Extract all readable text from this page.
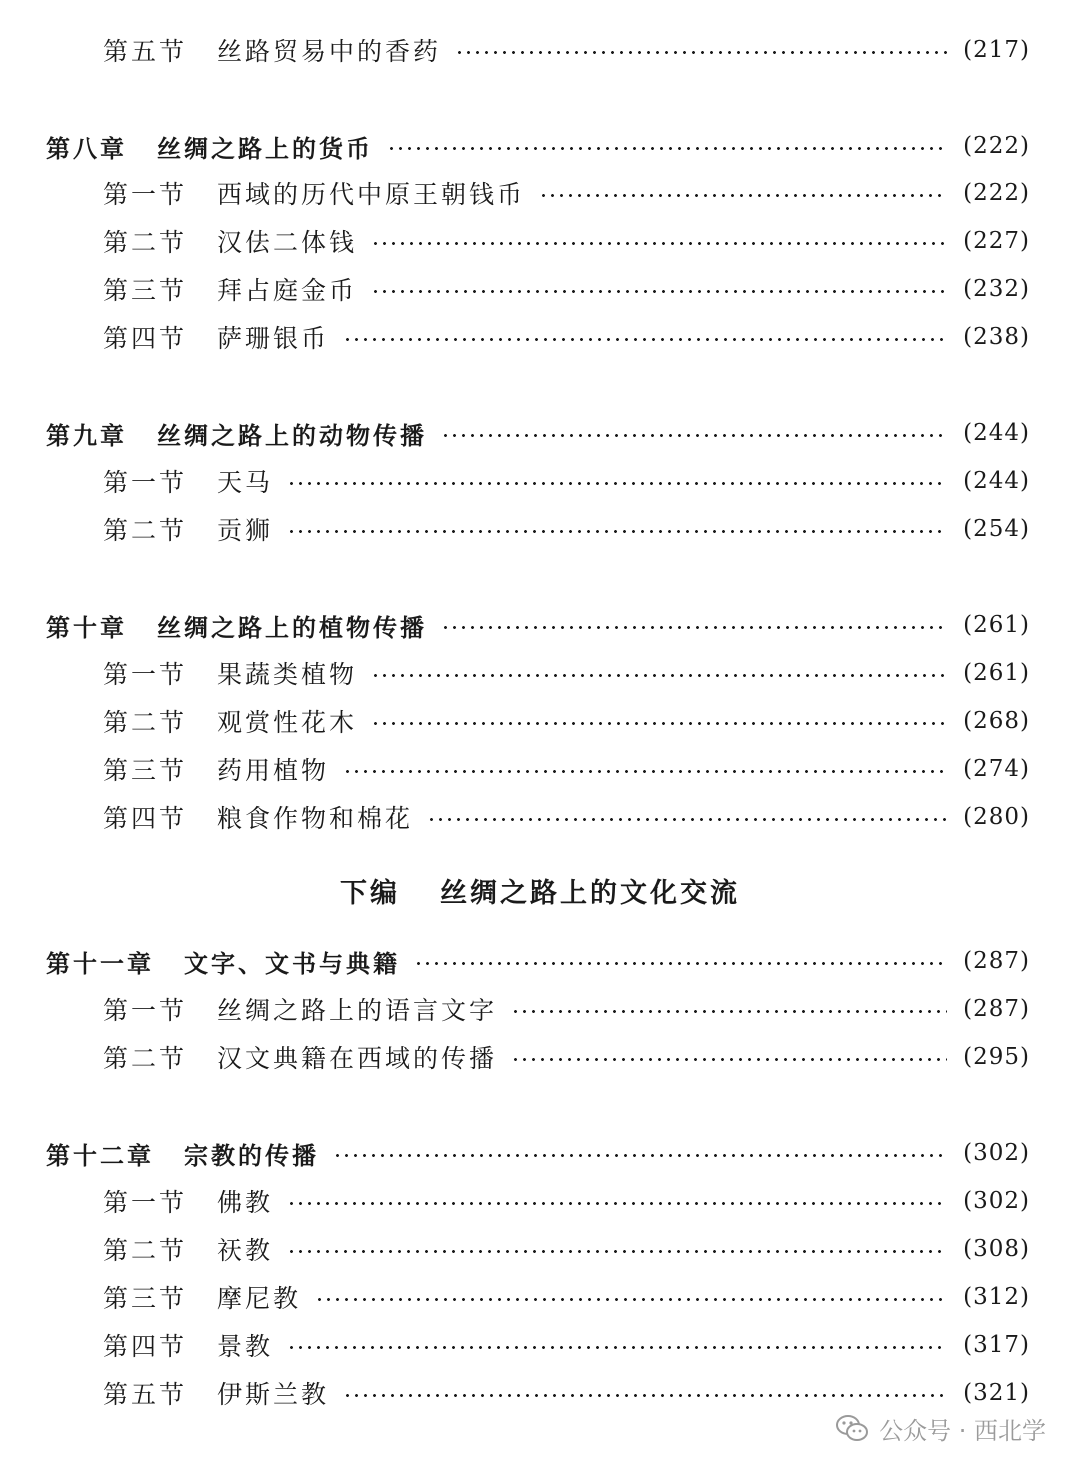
第五节 丝路贸易中的香药	(217)
第八章 丝绸之路上的货币	(222)
第一节 西域的历代中原王朝钱币	(222)
第二节 汉佉二体钱	(227)
第三节 拜占庭金币	(232)
第四节 萨珊银币	(238)
第九章 丝绸之路上的动物传播	(244)
第一节 天马	(244)
第二节 贡狮	(254)
第十章 丝绸之路上的植物传播	(261)
第一节 果蔬类植物	(261)
第二节 观赏性花木	(268)
第三节 药用植物	(274)
第四节 粮食作物和棉花	(280)
下编 丝绸之路上的文化交流
第十一章 文字、文书与典籍	(287)
第一节 丝绸之路上的语言文字	(287)
第二节 汉文典籍在西域的传播	(295)
第十二章 宗教的传播	(302)
第一节 佛教	(302)
第二节 祆教	(308)
第三节 摩尼教	(312)
第四节 景教	(317)
第五节 伊斯兰教	(321)
公众号 · 西北学
